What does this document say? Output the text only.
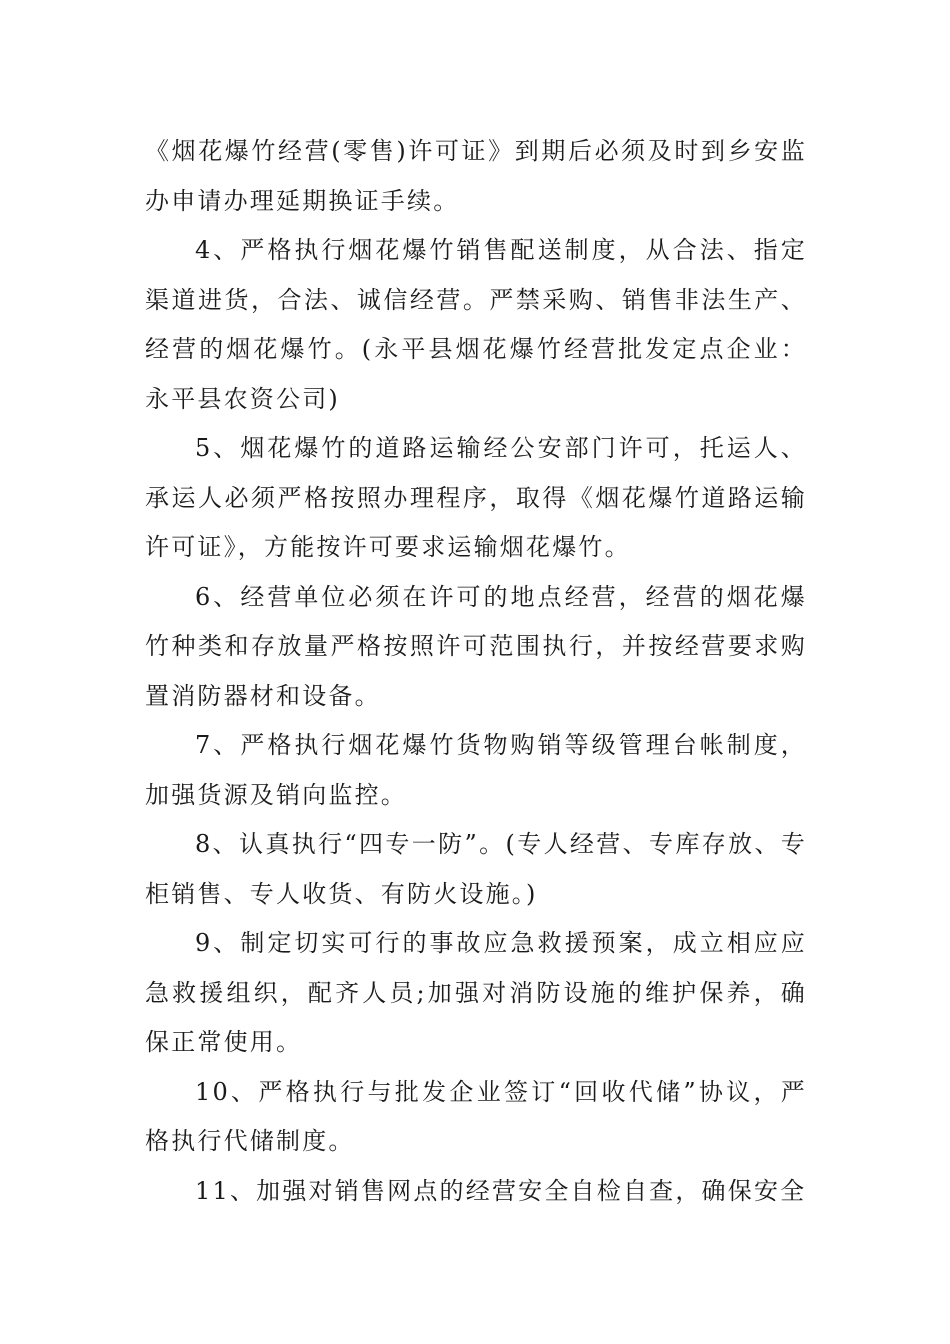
《烟花爆竹经营(零售)许可证》到期后必须及时到乡安监办申请办理延期换证手续。

4、严格执行烟花爆竹销售配送制度，从合法、指定渠道进货，合法、诚信经营。严禁采购、销售非法生产、经营的烟花爆竹。(永平县烟花爆竹经营批发定点企业：永平县农资公司)

5、烟花爆竹的道路运输经公安部门许可，托运人、承运人必须严格按照办理程序，取得《烟花爆竹道路运输许可证》，方能按许可要求运输烟花爆竹。

6、经营单位必须在许可的地点经营，经营的烟花爆竹种类和存放量严格按照许可范围执行，并按经营要求购置消防器材和设备。

7、严格执行烟花爆竹货物购销等级管理台帐制度，加强货源及销向监控。

8、认真执行“四专一防”。(专人经营、专库存放、专柜销售、专人收货、有防火设施。)

9、制定切实可行的事故应急救援预案，成立相应应急救援组织，配齐人员;加强对消防设施的维护保养，确保正常使用。

10、严格执行与批发企业签订“回收代储”协议，严格执行代储制度。

11、加强对销售网点的经营安全自检自查，确保安全
